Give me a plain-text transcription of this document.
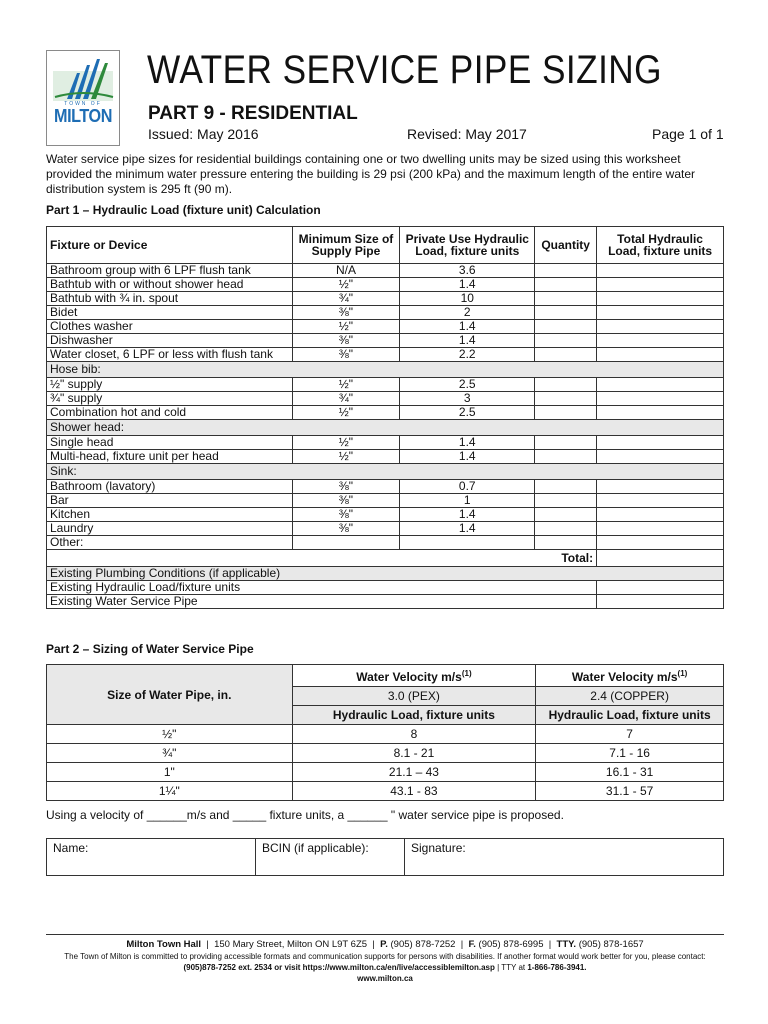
TOWN OF
MILTON
WATER SERVICE PIPE SIZING
PART 9 - RESIDENTIAL
Issued: May 2016	Revised: May 2017	Page 1 of 1
Water service pipe sizes for residential buildings containing one or two dwelling units may be sized using this worksheet provided the minimum water pressure entering the building is 29 psi (200 kPa) and the maximum length of the entire water distribution system is 295 ft (90 m).
Part 1 – Hydraulic Load (fixture unit) Calculation
Fixture or Device	Minimum Size of Supply Pipe	Private Use Hydraulic Load, fixture units	Quantity	Total Hydraulic Load, fixture units
Bathroom group with 6 LPF flush tank	N/A	3.6		
Bathtub with or without shower head	½"	1.4		
Bathtub with ¾ in. spout	¾"	10		
Bidet	⅜"	2		
Clothes washer	½"	1.4		
Dishwasher	⅜"	1.4		
Water closet, 6 LPF or less with flush tank	⅜"	2.2		
Hose bib:				
½" supply	½"	2.5		
¾" supply	¾"	3		
Combination hot and cold	½"	2.5		
Shower head:				
Single head	½"	1.4		
Multi-head, fixture unit per head	½"	1.4		
Sink:				
Bathroom (lavatory)	⅜"	0.7		
Bar	⅜"	1		
Kitchen	⅜"	1.4		
Laundry	⅜"	1.4		
Other:				
Total:				
Existing Plumbing Conditions (if applicable)				
Existing Hydraulic Load/fixture units				
Existing Water Service Pipe				
Part 2 – Sizing of Water Service Pipe
Size of Water Pipe, in.	Water Velocity $m/s^{(1)}$	Water Velocity $m/s^{(1)}$
	3.0 (PEX)	2.4 (COPPER)
	Hydraulic Load, fixture units	Hydraulic Load, fixture units
½"	8	7
¾"	8.1 - 21	7.1 - 16
1"	21.1 – 43	16.1 - 31
1¼"	43.1 - 83	31.1 - 57
Using a velocity of ______m/s and _____ fixture units, a ______ " water service pipe is proposed.
Name:	BCIN (if applicable):	Signature:
Milton Town Hall  |  150 Mary Street, Milton ON L9T 6Z5  |  P. (905) 878-7252  |  F. (905) 878-6995  |  TTY. (905) 878-1657
The Town of Milton is committed to providing accessible formats and communication supports for persons with disabilities. If another format would work better for you, please contact: (905)878-7252 ext. 2534 or visit https://www.milton.ca/en/live/accessiblemilton.asp | TTY at 1-866-786-3941.
www.milton.ca
